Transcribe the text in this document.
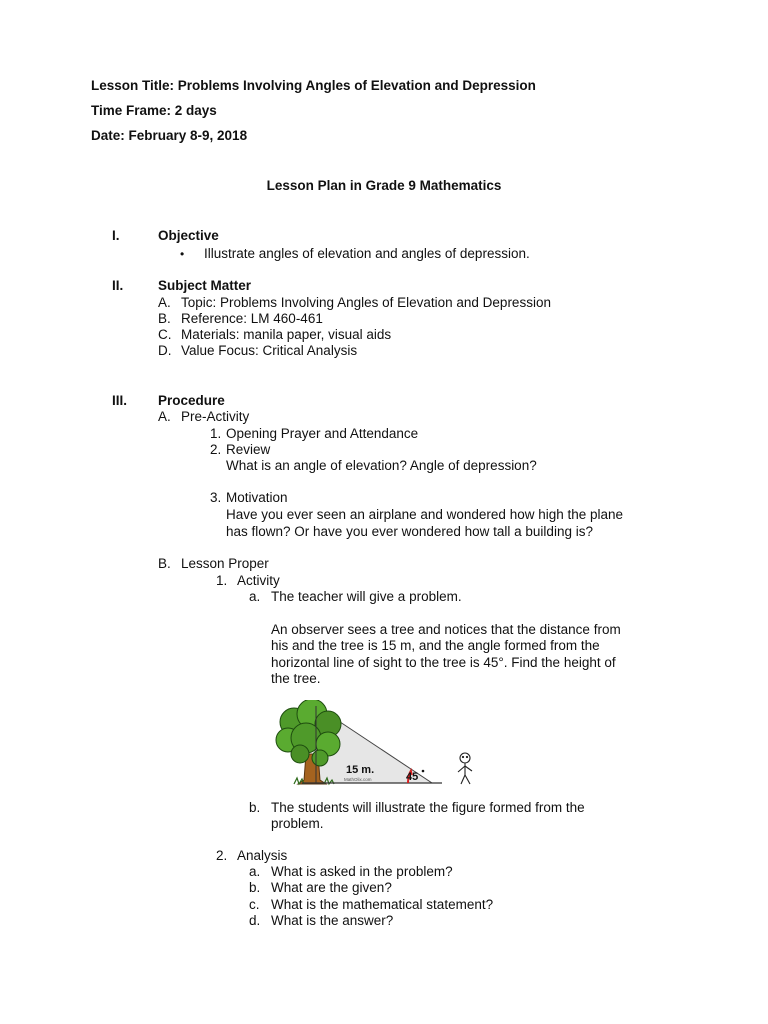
Lesson Title: Problems Involving Angles of Elevation and Depression
Time Frame: 2 days
Date: February 8-9, 2018
Lesson Plan in Grade 9 Mathematics
I.	Objective
• Illustrate angles of elevation and angles of depression.
II.	Subject Matter
A. Topic: Problems Involving Angles of Elevation and Depression
B. Reference: LM 460-461
C. Materials: manila paper, visual aids
D. Value Focus: Critical Analysis
III. Procedure
A. Pre-Activity
1. Opening Prayer and Attendance
2. Review
What is an angle of elevation? Angle of depression?
3. Motivation
Have you ever seen an airplane and wondered how high the plane
has flown? Or have you ever wondered how tall a building is?
B. Lesson Proper
1. Activity
a. The teacher will give a problem.
An observer sees a tree and notices that the distance from
his and the tree is 15 m, and the angle formed from the
horizontal line of sight to the tree is 45°. Find the height of
the tree.
15 m.
MathOlix.com	45
b. The students will illustrate the figure formed from the
problem.
2. Analysis
a. What is asked in the problem?
b. What are the given?
c. What is the mathematical statement?
d. What is the answer?
